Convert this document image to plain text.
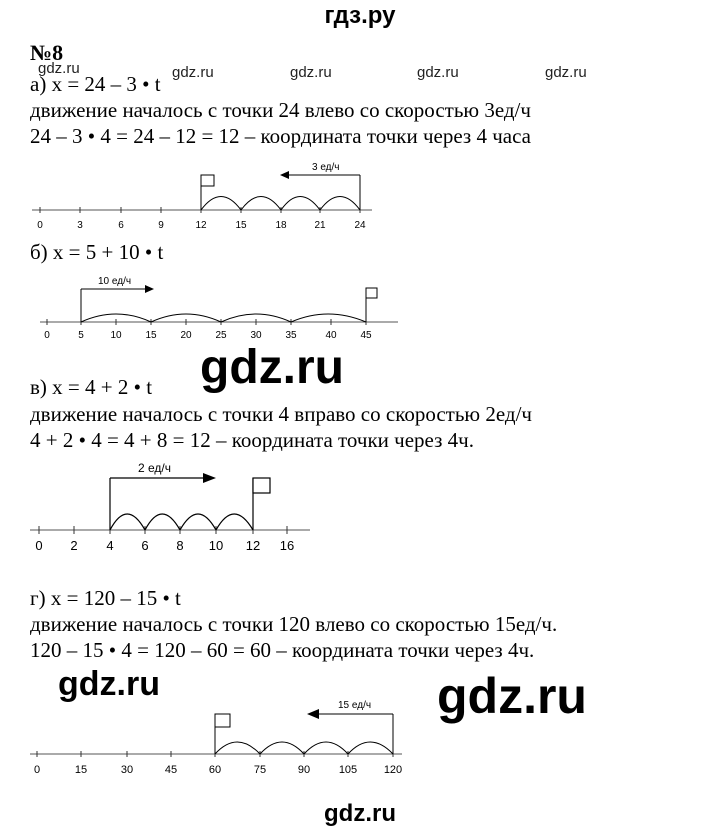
гдз.ру
gdz.ru	gdz.ru	gdz.ru	gdz.ru	gdz.ru
№8
а) x = 24 – 3 • t
движение началось с точки 24 влево со скоростью 3ед/ч
24 – 3 • 4 = 24 – 12 = 12 – координата точки через 4 часа
3 ед/ч
0	3	6	9	12	15	18	21	24
б) x = 5 + 10 • t
10 ед/ч
0	5	10 15 20 25 30 35	40 45
gdz.ru
в) x = 4 + 2 • t
движение началось с точки 4 вправо со скоростью 2ед/ч
4 + 2 • 4 = 4 + 8 = 12 – координата точки через 4ч.
2 ед/ч
0 2 4 6 8 10 12 16
г) x = 120 – 15 • t
движение началось с точки 120 влево со скоростью 15ед/ч.
120 – 15 • 4 = 120 – 60 = 60 – координата точки через 4ч.
gdz.ru	gdz.ru
15 ед/ч
0	15	30	45	60	75	90	105 120
gdz.ru
